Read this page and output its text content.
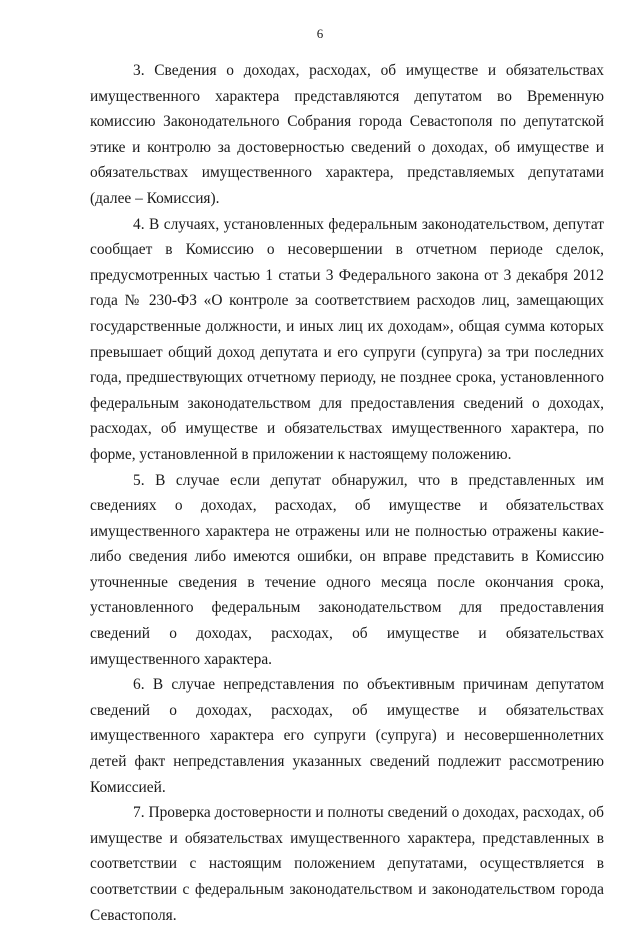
6

3. Сведения о доходах, расходах, об имуществе и обязательствах имущественного характера представляются депутатом во Временную комиссию Законодательного Собрания города Севастополя по депутатской этике и контролю за достоверностью сведений о доходах, об имуществе и обязательствах имущественного характера, представляемых депутатами (далее – Комиссия).

4. В случаях, установленных федеральным законодательством, депутат сообщает в Комиссию о несовершении в отчетном периоде сделок, предусмотренных частью 1 статьи 3 Федерального закона от 3 декабря 2012 года № 230-ФЗ «О контроле за соответствием расходов лиц, замещающих государственные должности, и иных лиц их доходам», общая сумма которых превышает общий доход депутата и его супруги (супруга) за три последних года, предшествующих отчетному периоду, не позднее срока, установленного федеральным законодательством для предоставления сведений о доходах, расходах, об имуществе и обязательствах имущественного характера, по форме, установленной в приложении к настоящему положению.

5. В случае если депутат обнаружил, что в представленных им сведениях о доходах, расходах, об имуществе и обязательствах имущественного характера не отражены или не полностью отражены какие-либо сведения либо имеются ошибки, он вправе представить в Комиссию уточненные сведения в течение одного месяца после окончания срока, установленного федеральным законодательством для предоставления сведений о доходах, расходах, об имуществе и обязательствах имущественного характера.

6. В случае непредставления по объективным причинам депутатом сведений о доходах, расходах, об имуществе и обязательствах имущественного характера его супруги (супруга) и несовершеннолетних детей факт непредставления указанных сведений подлежит рассмотрению Комиссией.

7. Проверка достоверности и полноты сведений о доходах, расходах, об имуществе и обязательствах имущественного характера, представленных в соответствии с настоящим положением депутатами, осуществляется в соответствии с федеральным законодательством и законодательством города Севастополя.
